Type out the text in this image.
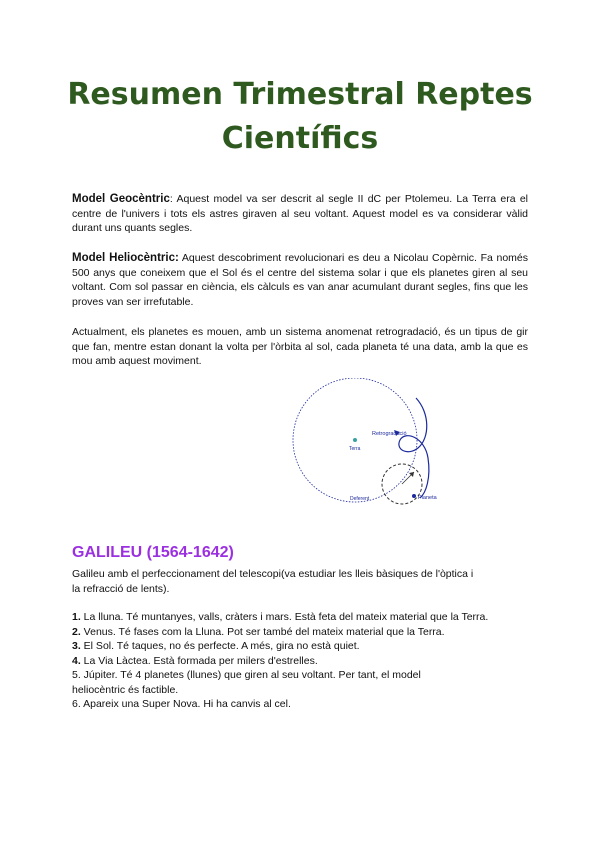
Resumen Trimestral Reptes
Científics

Model Geocèntric: Aquest model va ser descrit al segle II dC per Ptolemeu. La Terra era el centre de l'univers i tots els astres giraven al seu voltant. Aquest model es va considerar vàlid durant uns quants segles.

Model Heliocèntric: Aquest descobriment revolucionari es deu a Nicolau Copèrnic. Fa només 500 anys que coneixem que el Sol és el centre del sistema solar i que els planetes giren al seu voltant. Com sol passar en ciència, els càlculs es van anar acumulant durant segles, fins que les proves van ser irrefutable.

Actualment, els planetes es mouen, amb un sistema anomenat retrogradació, és un tipus de gir que fan, mentre estan donant la volta per l'òrbita al sol, cada planeta té una data, amb la que es mou amb aquest moviment.

Terra
Retrogradació
Planeta
Deferent
GALILEU (1564-1642)

Galileu amb el perfeccionament del telescopi(va estudiar les lleis bàsiques de l'òptica i
la refracció de lents).

1. La lluna. Té muntanyes, valls, cràters i mars. Està feta del mateix material que la Terra.
2. Venus. Té fases com la Lluna. Pot ser també del mateix material que la Terra.
3. El Sol. Té taques, no és perfecte. A més, gira no està quiet.
4. La Via Làctea. Està formada per milers d'estrelles.
5. Júpiter. Té 4 planetes (llunes) que giren al seu voltant. Per tant, el model
heliocèntric és factible.
6. Apareix una Super Nova. Hi ha canvis al cel.
